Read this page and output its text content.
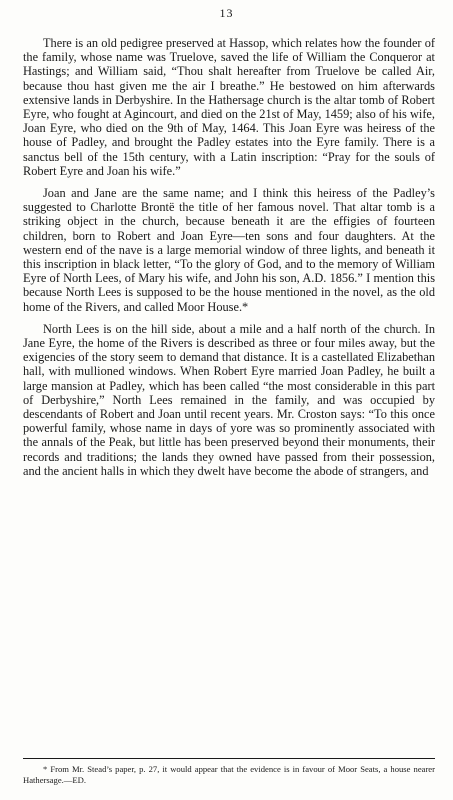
13

There is an old pedigree preserved at Hassop, which relates how the founder of the family, whose name was Truelove, saved the life of William the Conqueror at Hastings; and William said, “Thou shalt hereafter from Truelove be called Air, because thou hast given me the air I breathe.” He bestowed on him afterwards extensive lands in Derbyshire. In the Hathersage church is the altar tomb of Robert Eyre, who fought at Agincourt, and died on the 21st of May, 1459; also of his wife, Joan Eyre, who died on the 9th of May, 1464. This Joan Eyre was heiress of the house of Padley, and brought the Padley estates into the Eyre family. There is a sanctus bell of the 15th century, with a Latin inscription: “Pray for the souls of Robert Eyre and Joan his wife.”

Joan and Jane are the same name; and I think this heiress of the Padley’s suggested to Charlotte Brontë the title of her famous novel. That altar tomb is a striking object in the church, because beneath it are the effigies of fourteen children, born to Robert and Joan Eyre—ten sons and four daughters. At the western end of the nave is a large memorial window of three lights, and beneath it this inscription in black letter, “To the glory of God, and to the memory of William Eyre of North Lees, of Mary his wife, and John his son, A.D. 1856.” I mention this because North Lees is supposed to be the house mentioned in the novel, as the old home of the Rivers, and called Moor House.*

North Lees is on the hill side, about a mile and a half north of the church. In Jane Eyre, the home of the Rivers is described as three or four miles away, but the exigencies of the story seem to demand that distance. It is a castellated Elizabethan hall, with mullioned windows. When Robert Eyre married Joan Padley, he built a large mansion at Padley, which has been called “the most considerable in this part of Derbyshire,” North Lees remained in the family, and was occupied by descendants of Robert and Joan until recent years. Mr. Croston says: “To this once powerful family, whose name in days of yore was so prominently associated with the annals of the Peak, but little has been preserved beyond their monuments, their records and traditions; the lands they owned have passed from their possession, and the ancient halls in which they dwelt have become the abode of strangers, and

* From Mr. Stead’s paper, p. 27, it would appear that the evidence is in favour of Moor Seats, a house nearer Hathersage.—ED.
